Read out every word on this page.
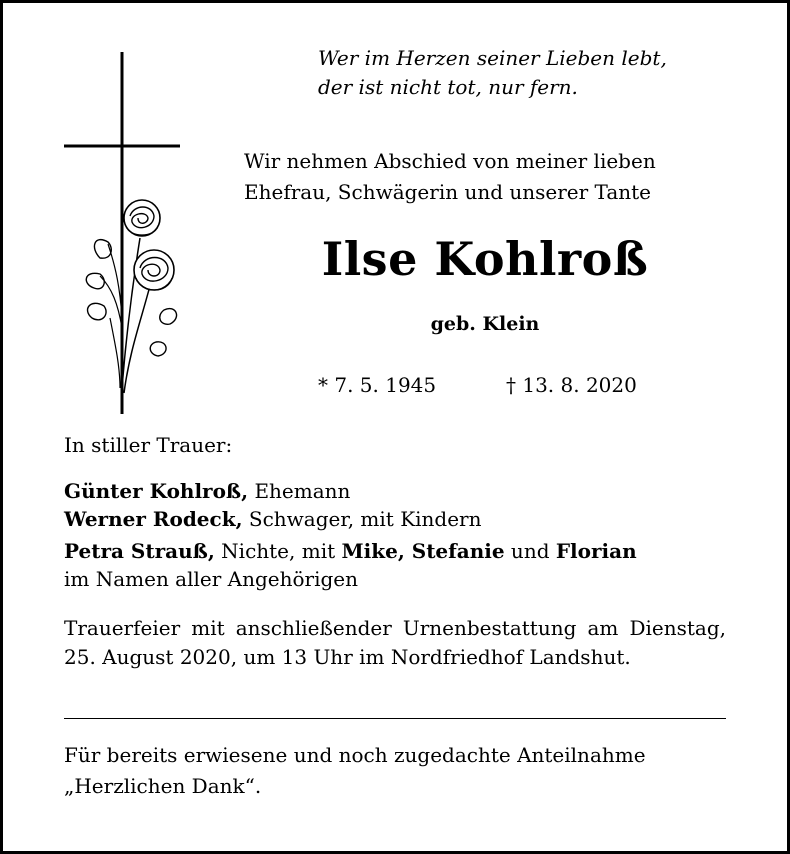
Wer im Herzen seiner Lieben lebt,
der ist nicht tot, nur fern.
Wir nehmen Abschied von meiner lieben
Ehefrau, Schwägerin und unserer Tante
Ilse Kohlroß
geb. Klein
* 7. 5. 1945	† 13. 8. 2020
In stiller Trauer:
Günter Kohlroß, Ehemann
Werner Rodeck, Schwager, mit Kindern
Petra Strauß, Nichte, mit Mike, Stefanie und Florian
im Namen aller Angehörigen
Trauerfeier mit anschließender Urnenbestattung am Dienstag, 25. August 2020, um 13 Uhr im Nordfriedhof Landshut.
Für bereits erwiesene und noch zugedachte Anteilnahme
„Herzlichen Dank“.
